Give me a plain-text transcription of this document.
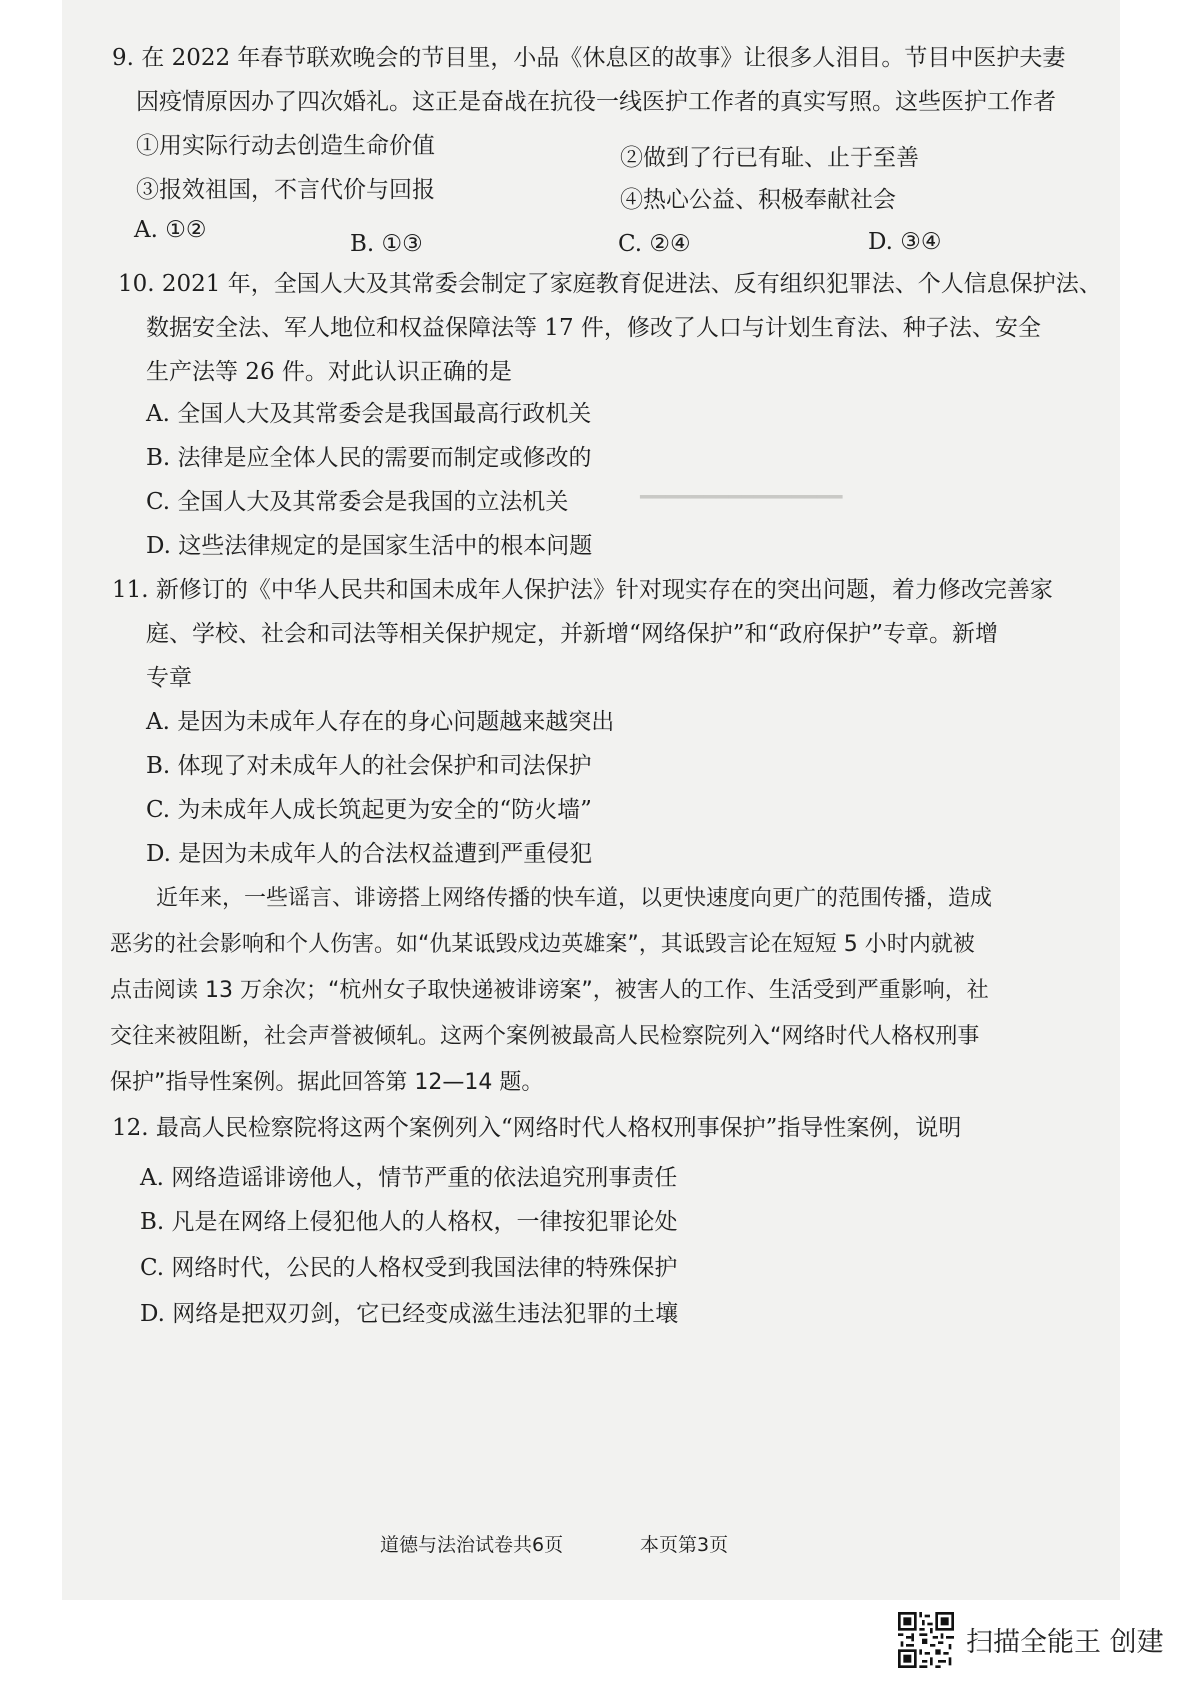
━━━━━━━━━━━━━━━━
9. 在 2022 年春节联欢晚会的节目里，小品《休息区的故事》让很多人泪目。节目中医护夫妻
因疫情原因办了四次婚礼。这正是奋战在抗役一线医护工作者的真实写照。这些医护工作者
①用实际行动去创造生命价值	②做到了行已有耻、止于至善
③报效祖国，不言代价与回报	④热心公益、积极奉献社会
A. ①②
B. ①③	C. ②④	D. ③④
10. 2021 年，全国人大及其常委会制定了家庭教育促进法、反有组织犯罪法、个人信息保护法、
数据安全法、军人地位和权益保障法等 17 件，修改了人口与计划生育法、种子法、安全
生产法等 26 件。对此认识正确的是
A. 全国人大及其常委会是我国最高行政机关
B. 法律是应全体人民的需要而制定或修改的
C. 全国人大及其常委会是我国的立法机关
D. 这些法律规定的是国家生活中的根本问题
11. 新修订的《中华人民共和国未成年人保护法》针对现实存在的突出问题，着力修改完善家
庭、学校、社会和司法等相关保护规定，并新增“网络保护”和“政府保护”专章。新增
专章
A. 是因为未成年人存在的身心问题越来越突出
B. 体现了对未成年人的社会保护和司法保护
C. 为未成年人成长筑起更为安全的“防火墙”
D. 是因为未成年人的合法权益遭到严重侵犯
近年来，一些谣言、诽谤搭上网络传播的快车道，以更快速度向更广的范围传播，造成
恶劣的社会影响和个人伤害。如“仇某诋毁戍边英雄案”，其诋毁言论在短短 5 小时内就被
点击阅读 13 万余次；“杭州女子取快递被诽谤案”，被害人的工作、生活受到严重影响，社
交往来被阻断，社会声誉被倾轧。这两个案例被最高人民检察院列入“网络时代人格权刑事
保护”指导性案例。据此回答第 12—14 题。
12. 最高人民检察院将这两个案例列入“网络时代人格权刑事保护”指导性案例，说明
A. 网络造谣诽谤他人，情节严重的依法追究刑事责任
B. 凡是在网络上侵犯他人的人格权，一律按犯罪论处
C. 网络时代，公民的人格权受到我国法律的特殊保护
D. 网络是把双刃剑，它已经变成滋生违法犯罪的土壤
道德与法治试卷共6页	本页第3页
扫描全能王 创建
